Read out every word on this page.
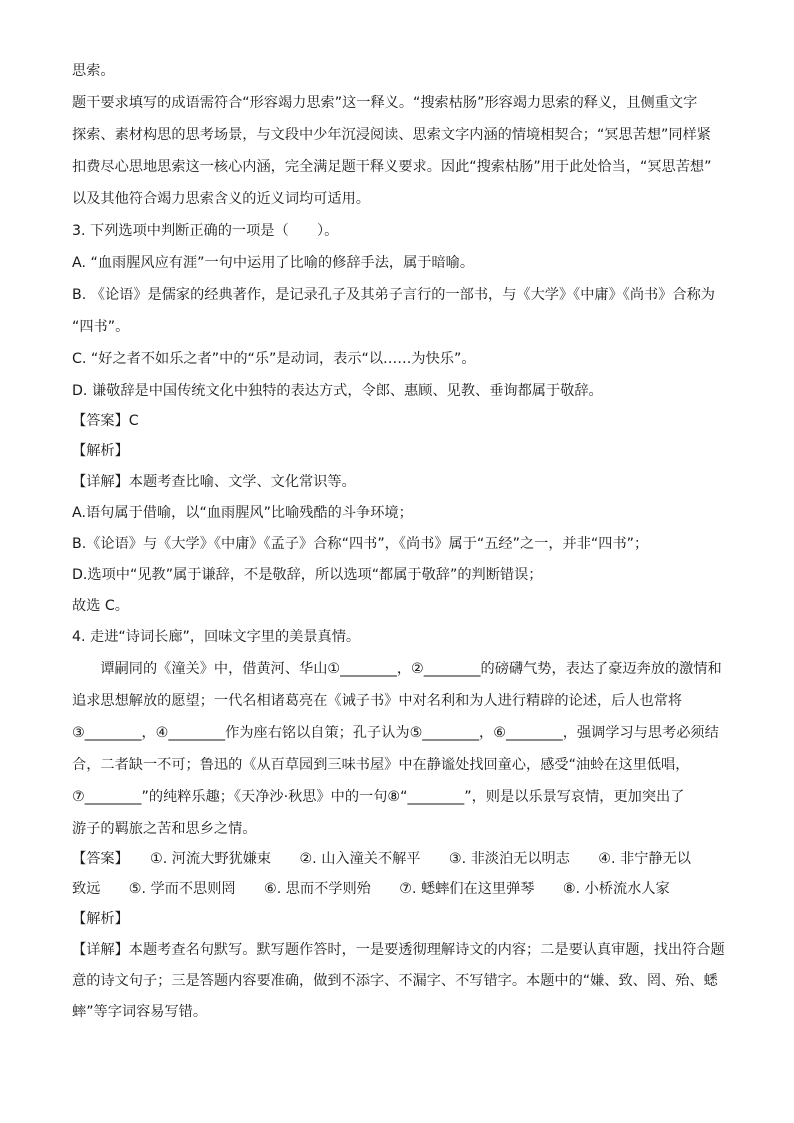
思索。
题干要求填写的成语需符合“形容竭力思索”这一释义。“搜索枯肠”形容竭力思索的释义，且侧重文字
探索、素材构思的思考场景，与文段中少年沉浸阅读、思索文字内涵的情境相契合；“冥思苦想”同样紧
扣费尽心思地思索这一核心内涵，完全满足题干释义要求。因此“搜索枯肠”用于此处恰当，“冥思苦想”
以及其他符合竭力思索含义的近义词均可适用。
3. 下列选项中判断正确的一项是（　　）。
A. “血雨腥风应有涯”一句中运用了比喻的修辞手法，属于暗喻。
B. 《论语》是儒家的经典著作，是记录孔子及其弟子言行的一部书，与《大学》《中庸》《尚书》合称为
“四书”。
C. “好之者不如乐之者”中的“乐”是动词，表示“以……为快乐”。
D. 谦敬辞是中国传统文化中独特的表达方式，令郎、惠顾、见教、垂询都属于敬辞。
【答案】C
【解析】
【详解】本题考查比喻、文学、文化常识等。
A.语句属于借喻，以“血雨腥风”比喻残酷的斗争环境；
B.《论语》与《大学》《中庸》《孟子》合称“四书”，《尚书》属于“五经”之一，并非“四书”；
D.选项中“见教”属于谦辞，不是敬辞，所以选项“都属于敬辞”的判断错误；
故选 C。
4. 走进“诗词长廊”，回味文字里的美景真情。
　　谭嗣同的《潼关》中，借黄河、华山①________，②________的磅礴气势，表达了豪迈奔放的激情和
追求思想解放的愿望；一代名相诸葛亮在《诫子书》中对名利和为人进行精辟的论述，后人也常将
③________，④________作为座右铭以自策；孔子认为⑤________，⑥________，强调学习与思考必须结
合，二者缺一不可；鲁迅的《从百草园到三味书屋》中在静谧处找回童心，感受“油蛉在这里低唱，
⑦________”的纯粹乐趣；《天净沙·秋思》中的一句⑧“________”，则是以乐景写哀情，更加突出了
游子的羁旅之苦和思乡之情。
【答案】　　①. 河流大野犹嫌束　　②. 山入潼关不解平　　③. 非淡泊无以明志　　④. 非宁静无以
致远　　⑤. 学而不思则罔　　⑥. 思而不学则殆　　⑦. 蟋蟀们在这里弹琴　　⑧. 小桥流水人家
【解析】
【详解】本题考查名句默写。默写题作答时，一是要透彻理解诗文的内容；二是要认真审题，找出符合题
意的诗文句子；三是答题内容要准确，做到不添字、不漏字、不写错字。本题中的“嫌、致、罔、殆、蟋
蟀”等字词容易写错。
